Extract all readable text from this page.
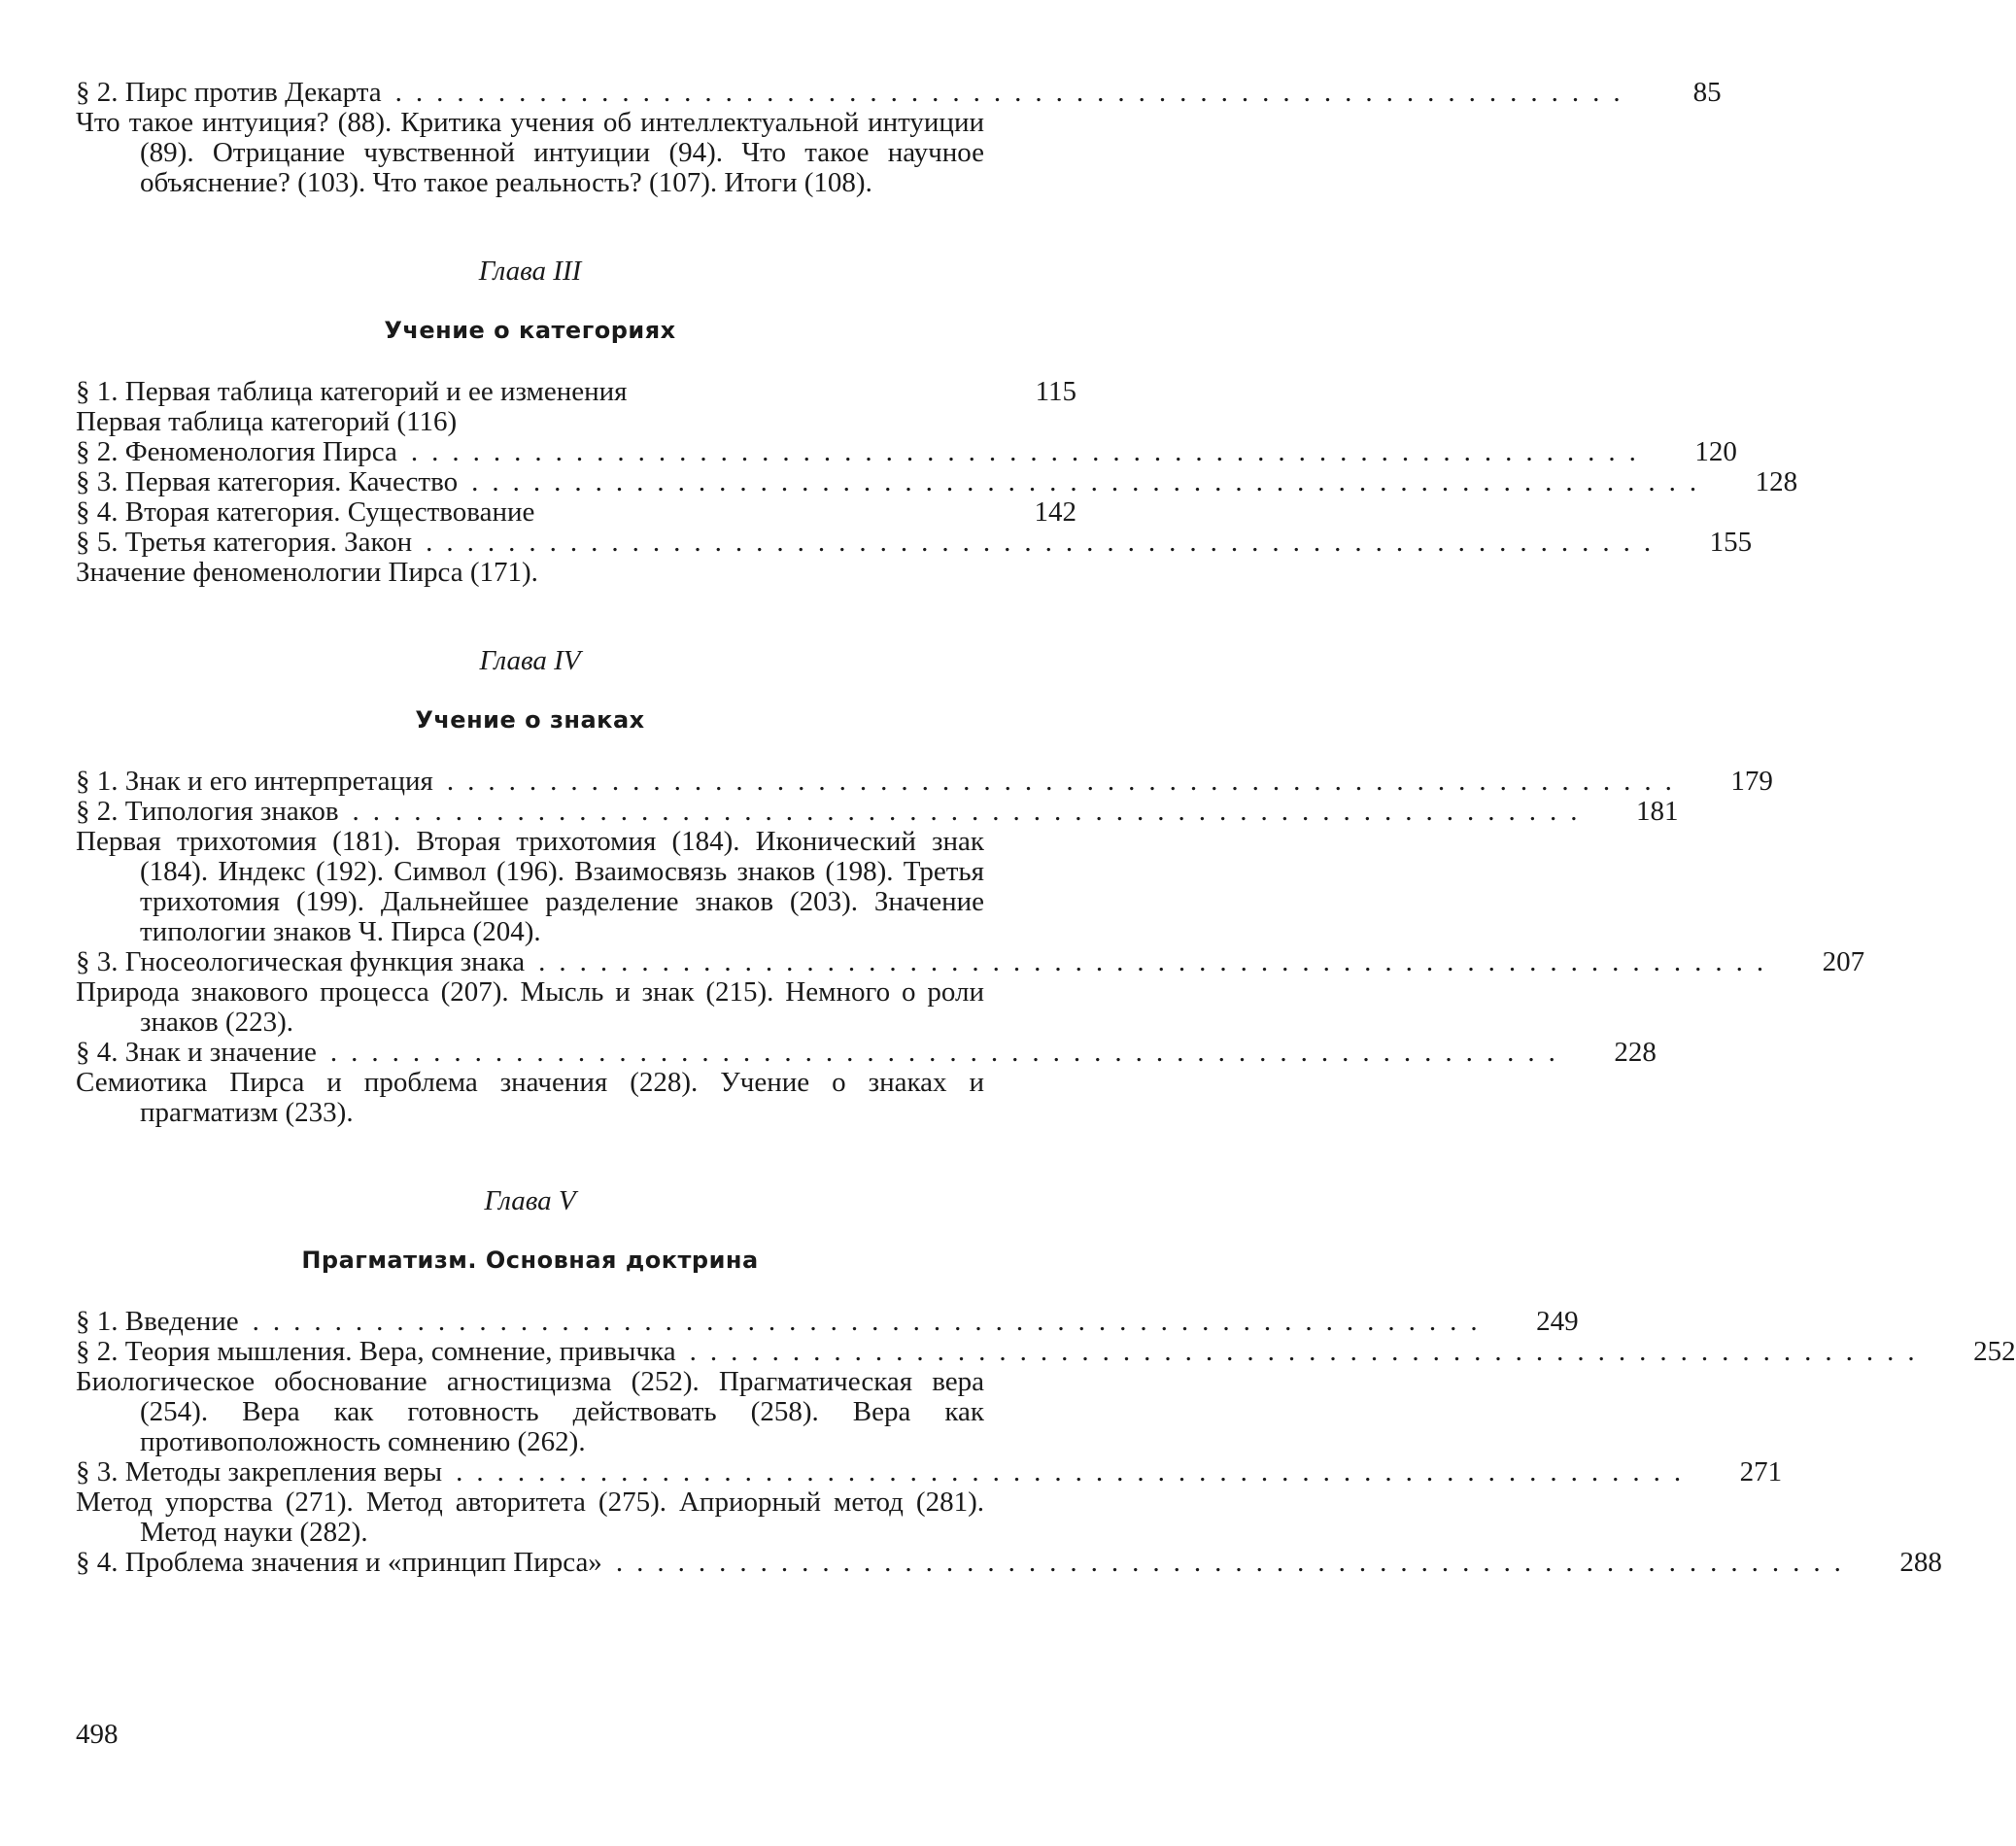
§ 2. Пирс против Декарта ............................................................	85
Что такое интуиция? (88). Критика учения об интеллектуальной интуиции (89). Отрицание чувственной интуиции (94). Что такое научное объяснение? (103). Что такое реальность? (107). Итоги (108).
Глава III
Учение о категориях
§ 1. Первая таблица категорий и ее изменения	115
Первая таблица категорий (116)
§ 2. Феноменология Пирса ............................................................	120
§ 3. Первая категория. Качество ............................................................	128
§ 4. Вторая категория. Существование	142
§ 5. Третья категория. Закон ............................................................	155
Значение феноменологии Пирса (171).
Глава IV
Учение о знаках
§ 1. Знак и его интерпретация ............................................................	179
§ 2. Типология знаков ............................................................	181
Первая трихотомия (181). Вторая трихотомия (184). Иконический знак (184). Индекс (192). Символ (196). Взаимосвязь знаков (198). Третья трихотомия (199). Дальнейшее разделение знаков (203). Значение типологии знаков Ч. Пирса (204).
§ 3. Гносеологическая функция знака ............................................................	207
Природа знакового процесса (207). Мысль и знак (215). Немного о роли знаков (223).
§ 4. Знак и значение ............................................................	228
Семиотика Пирса и проблема значения (228). Учение о знаках и прагматизм (233).
Глава V
Прагматизм. Основная доктрина
§ 1. Введение ............................................................	249
§ 2. Теория мышления. Вера, сомнение, привычка ............................................................	252
Биологическое обоснование агностицизма (252). Прагматическая вера (254). Вера как готовность действовать (258). Вера как противоположность сомнению (262).
§ 3. Методы закрепления веры ............................................................	271
Метод упорства (271). Метод авторитета (275). Априорный метод (281). Метод науки (282).
§ 4. Проблема значения и «принцип Пирса» ............................................................	288
498
